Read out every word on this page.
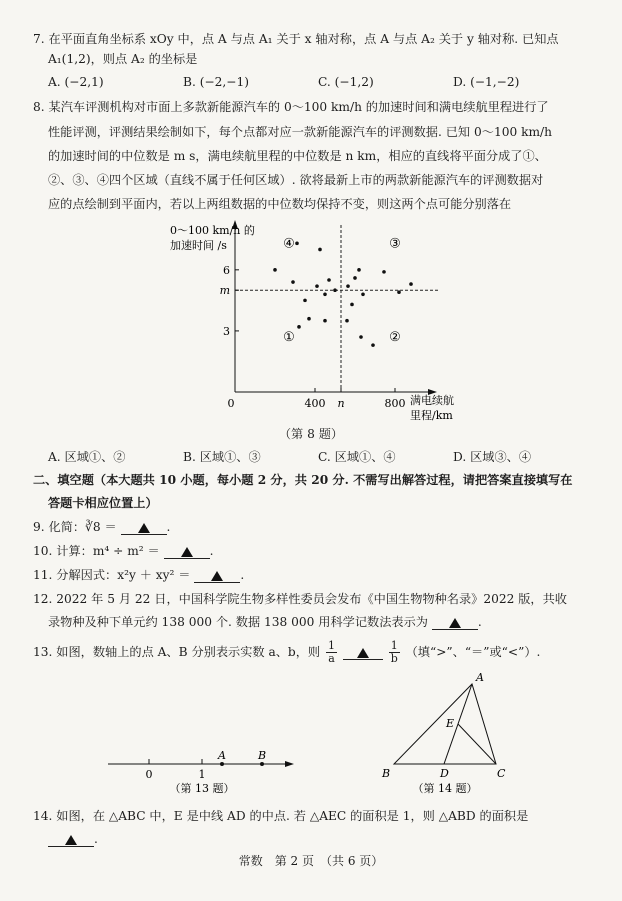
7. 在平面直角坐标系 xOy 中，点 A 与点 A₁ 关于 x 轴对称，点 A 与点 A₂ 关于 y 轴对称. 已知点
A₁(1,2)，则点 A₂ 的坐标是
A. (−2,1)	B. (−2,−1)	C. (−1,2)	D. (−1,−2)
8. 某汽车评测机构对市面上多款新能源汽车的 0～100 km/h 的加速时间和满电续航里程进行了
性能评测，评测结果绘制如下，每个点都对应一款新能源汽车的评测数据. 已知 0～100 km/h
的加速时间的中位数是 m s，满电续航里程的中位数是 n km，相应的直线将平面分成了①、
②、③、④四个区域（直线不属于任何区域）. 欲将最新上市的两款新能源汽车的评测数据对
应的点绘制到平面内，若以上两组数据的中位数均保持不变，则这两个点可能分别落在
0～100 km/h 的
加速时间 /s
满电续航
里程/km
0	400 n	800
6
m
3
④	③
①	②
（第 8 题）
A. 区域①、②	B. 区域①、③	C. 区域①、④	D. 区域③、④
二、填空题（本大题共 10 小题，每小题 2 分，共 20 分. 不需写出解答过程，请把答案直接填写在
答题卡相应位置上）
9. 化简：∛8 ＝	.
10. 计算：m⁴ ÷ m² ＝	.
11. 分解因式：x²y ＋ xy² ＝	.
12. 2022 年 5 月 22 日，中国科学院生物多样性委员会发布《中国生物物种名录》2022 版，共收
录物种及种下单元约 138 000 个. 数据 138 000 用科学记数法表示为	.
13. 如图，数轴上的点 A、B 分别表示实数 a、b，则 $\frac{1}{a}$
	$\frac{1}{b}$ （填“>”、“＝”或“<”）.
0	1
A	B
（第 13 题）
A
B	C
D
E
（第 14 题）
14. 如图，在 △ABC 中，E 是中线 AD 的中点. 若 △AEC 的面积是 1，则 △ABD 的面积是
.
常数　第 2 页　（共 6 页）
